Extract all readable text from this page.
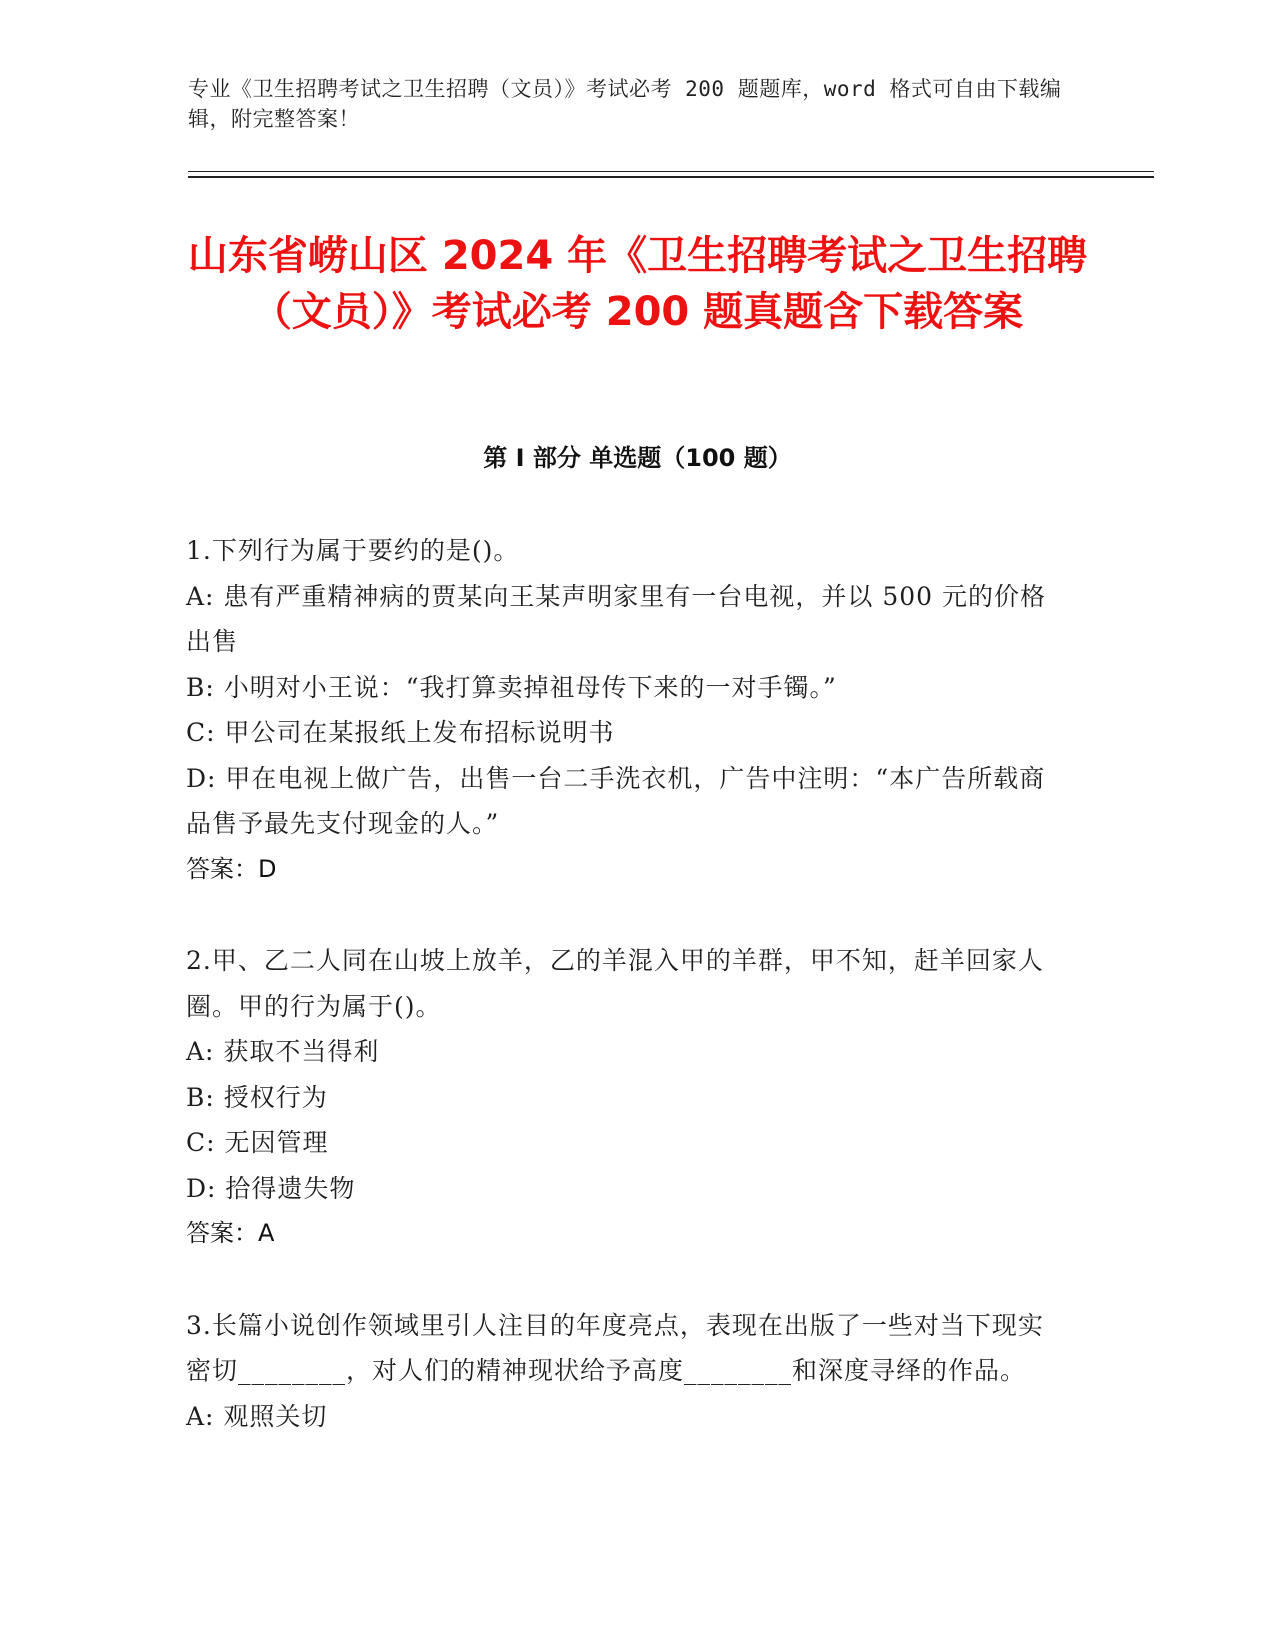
专业《卫生招聘考试之卫生招聘（文员）》考试必考 200 题题库，word 格式可自由下载编辑，附完整答案！
山东省崂山区 2024 年《卫生招聘考试之卫生招聘（文员）》考试必考 200 题真题含下载答案
第 I 部分 单选题（100 题）

1.下列行为属于要约的是()。

A: 患有严重精神病的贾某向王某声明家里有一台电视，并以 500 元的价格出售

B: 小明对小王说：“我打算卖掉祖母传下来的一对手镯。”

C: 甲公司在某报纸上发布招标说明书

D: 甲在电视上做广告，出售一台二手洗衣机，广告中注明：“本广告所载商品售予最先支付现金的人。”

答案：D

2.甲、乙二人同在山坡上放羊，乙的羊混入甲的羊群，甲不知，赶羊回家人圈。甲的行为属于()。

A: 获取不当得利

B: 授权行为

C: 无因管理

D: 拾得遗失物

答案：A

3.长篇小说创作领域里引人注目的年度亮点，表现在出版了一些对当下现实密切________，对人们的精神现状给予高度________和深度寻绎的作品。

A: 观照关切
